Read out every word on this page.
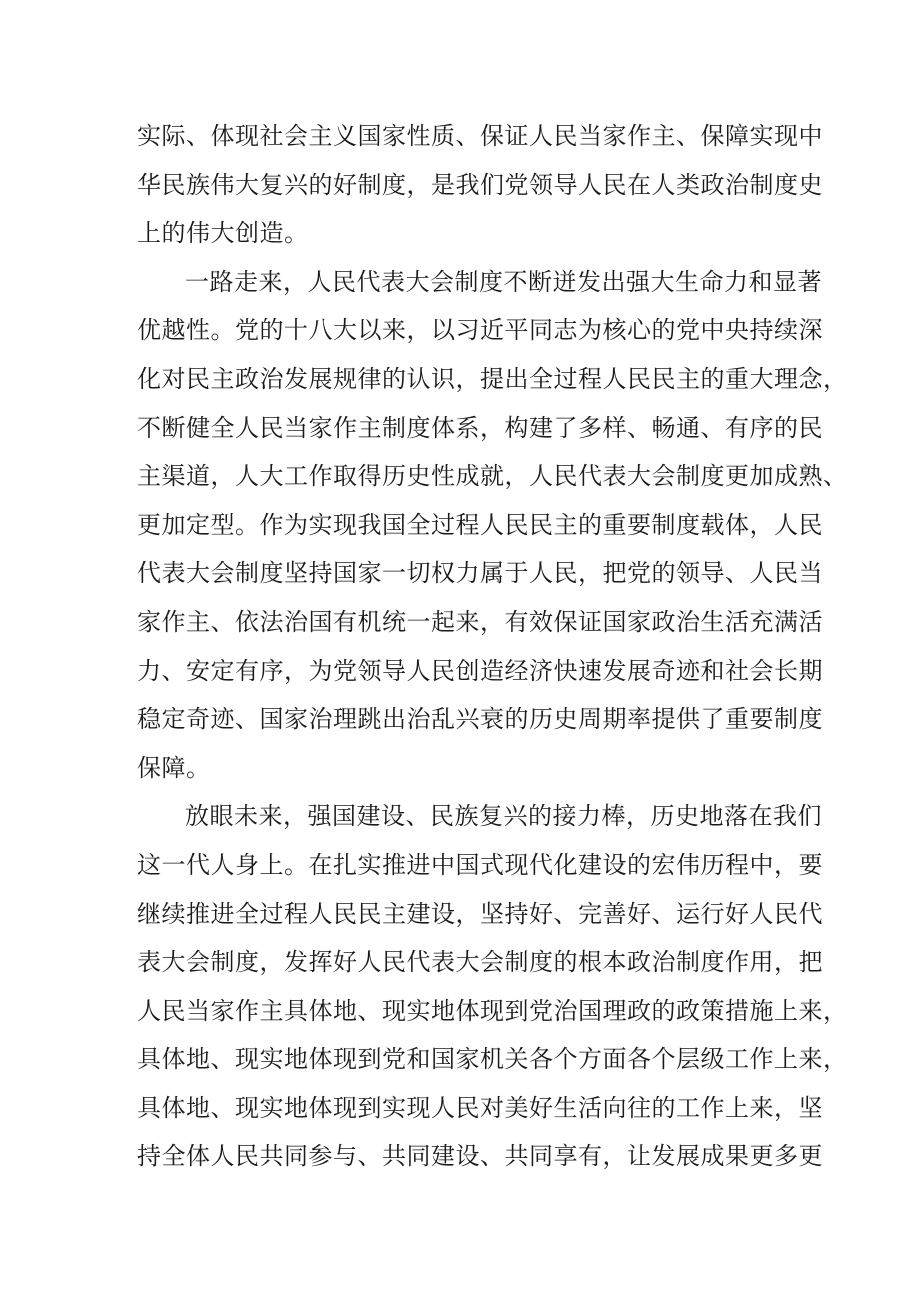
实际、体现社会主义国家性质、保证人民当家作主、保障实现中
华民族伟大复兴的好制度，是我们党领导人民在人类政治制度史
上的伟大创造。
一路走来，人民代表大会制度不断迸发出强大生命力和显著
优越性。党的十八大以来，以习近平同志为核心的党中央持续深
化对民主政治发展规律的认识，提出全过程人民民主的重大理念，
不断健全人民当家作主制度体系，构建了多样、畅通、有序的民
主渠道，人大工作取得历史性成就，人民代表大会制度更加成熟、
更加定型。作为实现我国全过程人民民主的重要制度载体，人民
代表大会制度坚持国家一切权力属于人民，把党的领导、人民当
家作主、依法治国有机统一起来，有效保证国家政治生活充满活
力、安定有序，为党领导人民创造经济快速发展奇迹和社会长期
稳定奇迹、国家治理跳出治乱兴衰的历史周期率提供了重要制度
保障。
放眼未来，强国建设、民族复兴的接力棒，历史地落在我们
这一代人身上。在扎实推进中国式现代化建设的宏伟历程中，要
继续推进全过程人民民主建设，坚持好、完善好、运行好人民代
表大会制度，发挥好人民代表大会制度的根本政治制度作用，把
人民当家作主具体地、现实地体现到党治国理政的政策措施上来，
具体地、现实地体现到党和国家机关各个方面各个层级工作上来，
具体地、现实地体现到实现人民对美好生活向往的工作上来，坚
持全体人民共同参与、共同建设、共同享有，让发展成果更多更
